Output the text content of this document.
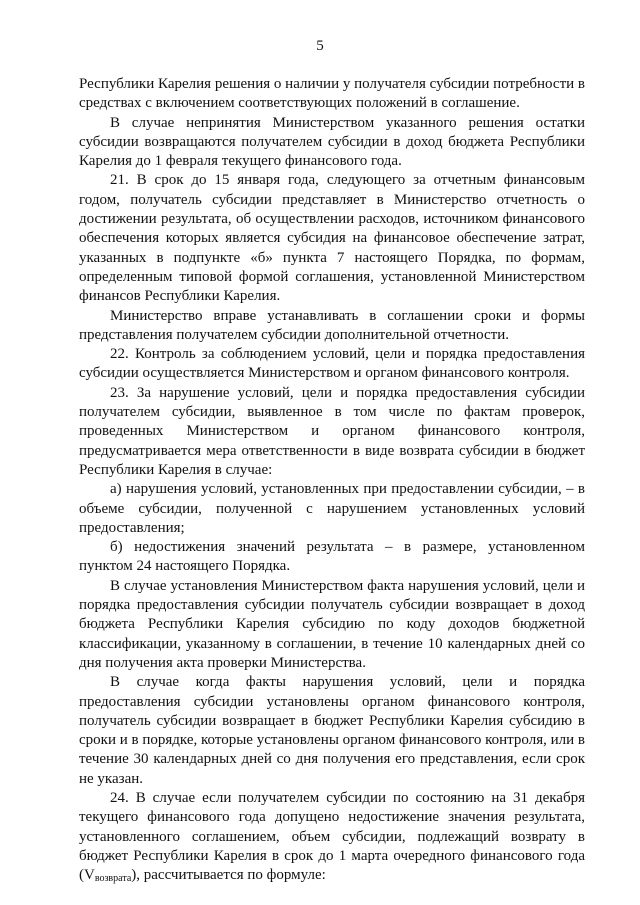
5

Республики Карелия решения о наличии у получателя субсидии потребности в средствах с включением соответствующих положений в соглашение.

В случае непринятия Министерством указанного решения остатки субсидии возвращаются получателем субсидии в доход бюджета Республики Карелия до 1 февраля текущего финансового года.

21. В срок до 15 января года, следующего за отчетным финансовым годом, получатель субсидии представляет в Министерство отчетность о достижении результата, об осуществлении расходов, источником финансового обеспечения которых является субсидия на финансовое обеспечение затрат, указанных в подпункте «б» пункта 7 настоящего Порядка, по формам, определенным типовой формой соглашения, установленной Министерством финансов Республики Карелия.

Министерство вправе устанавливать в соглашении сроки и формы представления получателем субсидии дополнительной отчетности.

22. Контроль за соблюдением условий, цели и порядка предоставления субсидии осуществляется Министерством и органом финансового контроля.

23. За нарушение условий, цели и порядка предоставления субсидии получателем субсидии, выявленное в том числе по фактам проверок, проведенных Министерством и органом финансового контроля, предусматривается мера ответственности в виде возврата субсидии в бюджет Республики Карелия в случае:

а) нарушения условий, установленных при предоставлении субсидии, – в объеме субсидии, полученной с нарушением установленных условий предоставления;

б) недостижения значений результата – в размере, установленном пунктом 24 настоящего Порядка.

В случае установления Министерством факта нарушения условий, цели и порядка предоставления субсидии получатель субсидии возвращает в доход бюджета Республики Карелия субсидию по коду доходов бюджетной классификации, указанному в соглашении, в течение 10 календарных дней со дня получения акта проверки Министерства.

В случае когда факты нарушения условий, цели и порядка предоставления субсидии установлены органом финансового контроля, получатель субсидии возвращает в бюджет Республики Карелия субсидию в сроки и в порядке, которые установлены органом финансового контроля, или в течение 30 календарных дней со дня получения его представления, если срок не указан.

24. В случае если получателем субсидии по состоянию на 31 декабря текущего финансового года допущено недостижение значения результата, установленного соглашением, объем субсидии, подлежащий возврату в бюджет Республики Карелия в срок до 1 марта очередного финансового года $(V_{возврата})$, рассчитывается по формуле:
